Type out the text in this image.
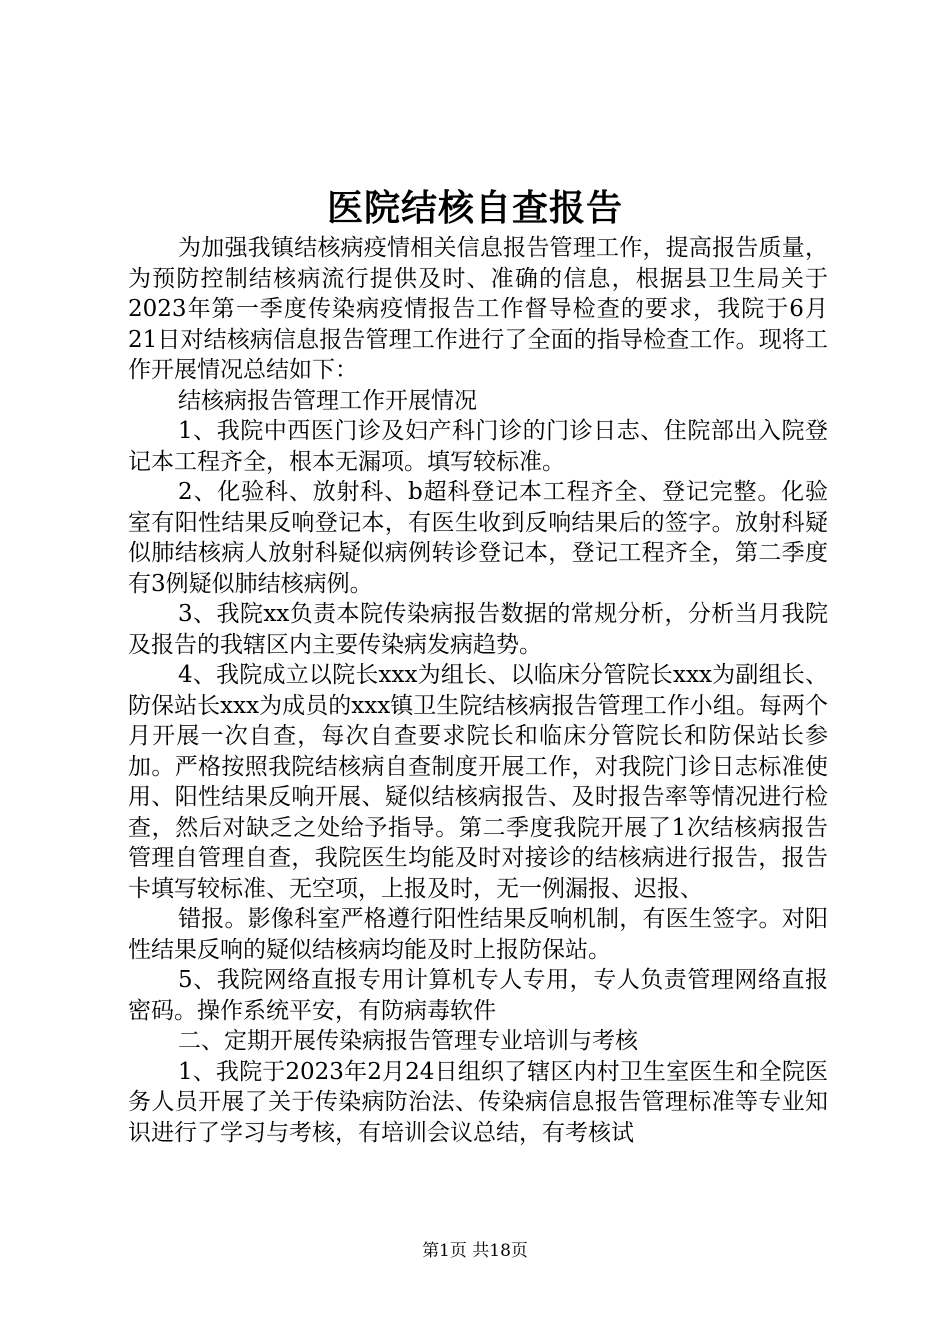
医院结核自查报告

为加强我镇结核病疫情相关信息报告管理工作，提高报告质量，为预防控制结核病流行提供及时、准确的信息，根据县卫生局关于2023年第一季度传染病疫情报告工作督导检查的要求，我院于6月21日对结核病信息报告管理工作进行了全面的指导检查工作。现将工作开展情况总结如下：

结核病报告管理工作开展情况

1、我院中西医门诊及妇产科门诊的门诊日志、住院部出入院登记本工程齐全，根本无漏项。填写较标准。

2、化验科、放射科、b超科登记本工程齐全、登记完整。化验室有阳性结果反响登记本，有医生收到反响结果后的签字。放射科疑似肺结核病人放射科疑似病例转诊登记本，登记工程齐全，第二季度有3例疑似肺结核病例。

3、我院xx负责本院传染病报告数据的常规分析，分析当月我院及报告的我辖区内主要传染病发病趋势。

4、我院成立以院长xxx为组长、以临床分管院长xxx为副组长、防保站长xxx为成员的xxx镇卫生院结核病报告管理工作小组。每两个月开展一次自查，每次自查要求院长和临床分管院长和防保站长参加。严格按照我院结核病自查制度开展工作，对我院门诊日志标准使用、阳性结果反响开展、疑似结核病报告、及时报告率等情况进行检查，然后对缺乏之处给予指导。第二季度我院开展了1次结核病报告管理自管理自查，我院医生均能及时对接诊的结核病进行报告，报告卡填写较标准、无空项，上报及时，无一例漏报、迟报、

错报。影像科室严格遵行阳性结果反响机制，有医生签字。对阳性结果反响的疑似结核病均能及时上报防保站。

5、我院网络直报专用计算机专人专用，专人负责管理网络直报密码。操作系统平安，有防病毒软件

二、定期开展传染病报告管理专业培训与考核

1、我院于2023年2月24日组织了辖区内村卫生室医生和全院医务人员开展了关于传染病防治法、传染病信息报告管理标准等专业知识进行了学习与考核，有培训会议总结，有考核试

第1页 共18页
